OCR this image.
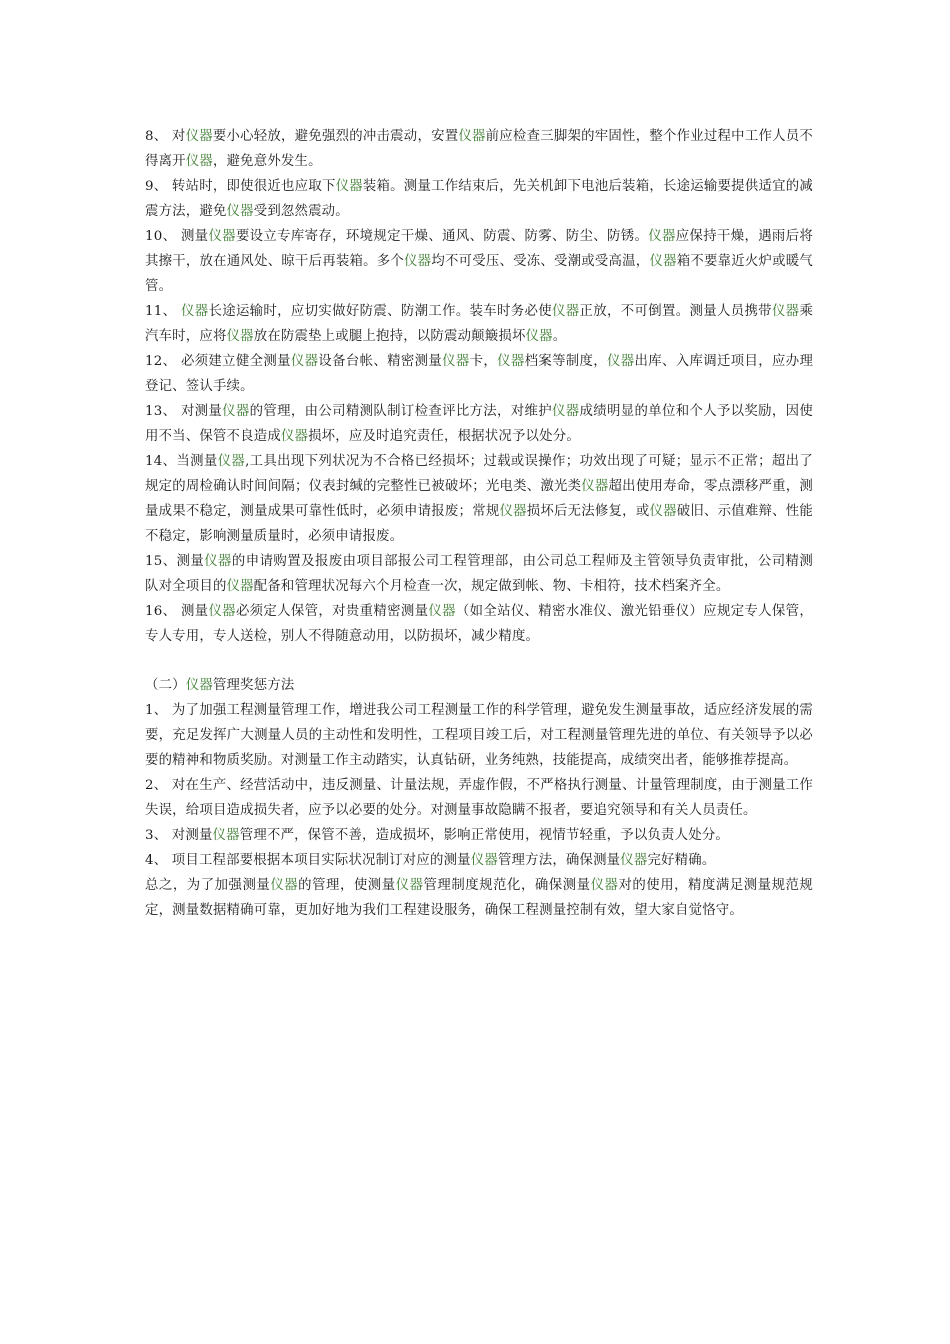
8、 对仪器要小心轻放，避免强烈的冲击震动，安置仪器前应检查三脚架的牢固性，整个作业过程中工作人员不得离开仪器，避免意外发生。

9、 转站时，即使很近也应取下仪器装箱。测量工作结束后，先关机卸下电池后装箱，长途运输要提供适宜的减震方法，避免仪器受到忽然震动。

10、 测量仪器要设立专库寄存，环境规定干燥、通风、防震、防雾、防尘、防锈。仪器应保持干燥，遇雨后将其擦干，放在通风处、晾干后再装箱。多个仪器均不可受压、受冻、受潮或受高温，仪器箱不要靠近火炉或暖气管。

11、 仪器长途运输时，应切实做好防震、防潮工作。装车时务必使仪器正放，不可倒置。测量人员携带仪器乘汽车时，应将仪器放在防震垫上或腿上抱持，以防震动颠簸损坏仪器。

12、 必须建立健全测量仪器设备台帐、精密测量仪器卡，仪器档案等制度，仪器出库、入库调迁项目，应办理登记、签认手续。

13、 对测量仪器的管理，由公司精测队制订检查评比方法，对维护仪器成绩明显的单位和个人予以奖励，因使用不当、保管不良造成仪器损坏，应及时追究责任，根据状况予以处分。

14、当测量仪器,工具出现下列状况为不合格已经损坏；过载或误操作；功效出现了可疑；显示不正常；超出了规定的周检确认时间间隔；仪表封缄的完整性已被破坏；光电类、激光类仪器超出使用寿命，零点漂移严重，测量成果不稳定，测量成果可靠性低时，必须申请报废；常规仪器损坏后无法修复，或仪器破旧、示值难辩、性能不稳定，影响测量质量时，必须申请报废。

15、测量仪器的申请购置及报废由项目部报公司工程管理部，由公司总工程师及主管领导负责审批，公司精测队对全项目的仪器配备和管理状况每六个月检查一次，规定做到帐、物、卡相符，技术档案齐全。

16、 测量仪器必须定人保管，对贵重精密测量仪器（如全站仪、精密水准仪、激光铅垂仪）应规定专人保管，专人专用，专人送检，别人不得随意动用，以防损坏，减少精度。

（二）仪器管理奖惩方法

1、 为了加强工程测量管理工作，增进我公司工程测量工作的科学管理，避免发生测量事故，适应经济发展的需要，充足发挥广大测量人员的主动性和发明性，工程项目竣工后，对工程测量管理先进的单位、有关领导予以必要的精神和物质奖励。对测量工作主动踏实，认真钻研，业务纯熟，技能提高，成绩突出者，能够推荐提高。

2、 对在生产、经营活动中，违反测量、计量法规，弄虚作假，不严格执行测量、计量管理制度，由于测量工作失误，给项目造成损失者，应予以必要的处分。对测量事故隐瞒不报者，要追究领导和有关人员责任。

3、 对测量仪器管理不严，保管不善，造成损坏，影响正常使用，视情节轻重，予以负责人处分。

4、 项目工程部要根据本项目实际状况制订对应的测量仪器管理方法，确保测量仪器完好精确。

总之，为了加强测量仪器的管理，使测量仪器管理制度规范化，确保测量仪器对的使用，精度满足测量规范规定，测量数据精确可靠，更加好地为我们工程建设服务，确保工程测量控制有效，望大家自觉恪守。
